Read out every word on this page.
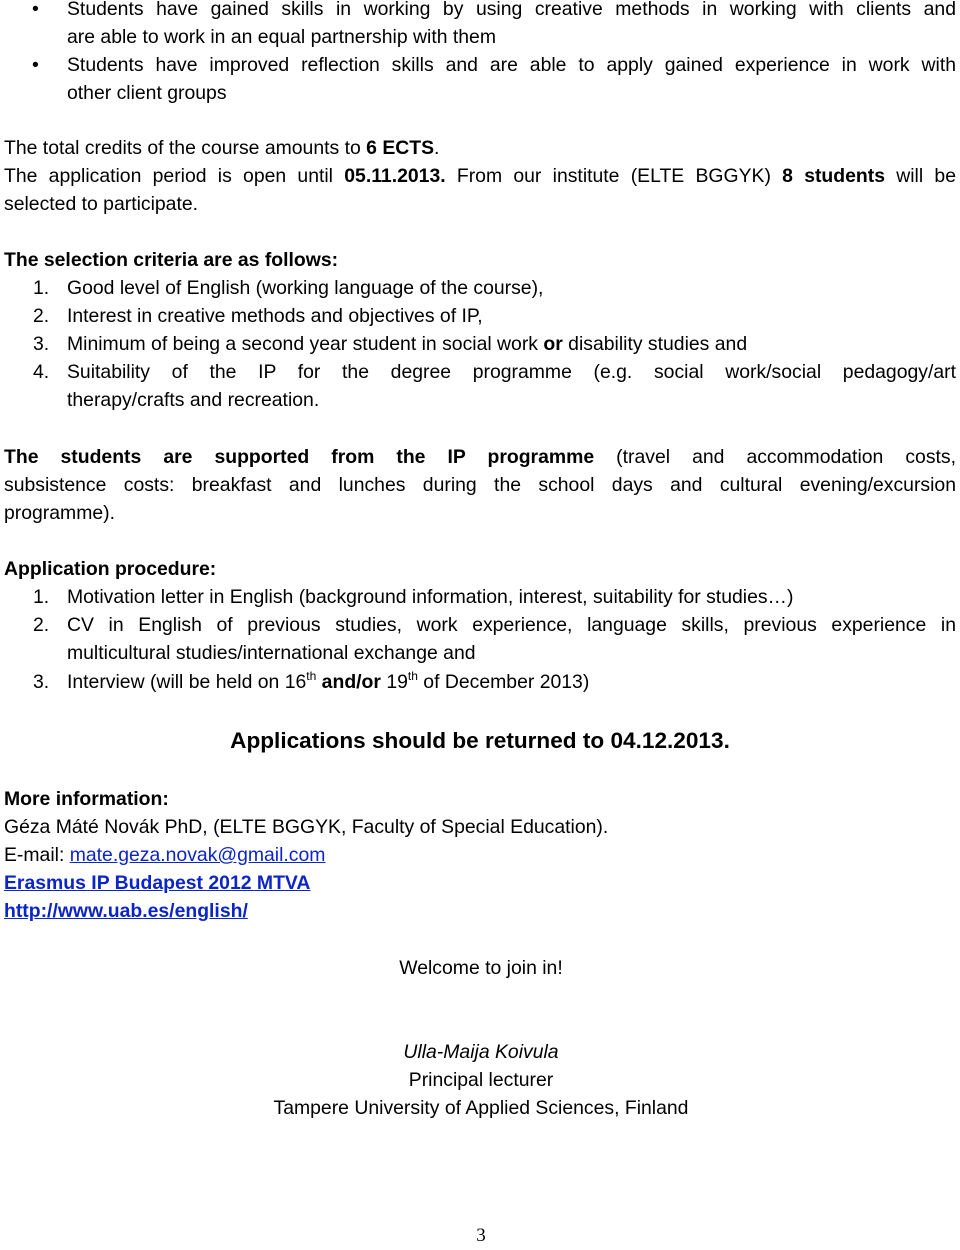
•	Students have gained skills in working by using creative methods in working with clients and
are able to work in an equal partnership with them
•	Students have improved reflection skills and are able to apply gained experience in work with
other client groups
The total credits of the course amounts to 6 ECTS.
The application period is open until 05.11.2013. From our institute (ELTE BGGYK) 8 students will be
selected to participate.
The selection criteria are as follows:
1. Good level of English (working language of the course),
2. Interest in creative methods and objectives of IP,
3. Minimum of being a second year student in social work or disability studies and
4. Suitability of the IP for the degree programme (e.g. social work/social pedagogy/art
therapy/crafts and recreation.
The students are supported from the IP programme (travel and accommodation costs,
subsistence costs: breakfast and lunches during the school days and cultural evening/excursion
programme).
Application procedure:
1. Motivation letter in English (background information, interest, suitability for studies…)
2. CV in English of previous studies, work experience, language skills, previous experience in
multicultural studies/international exchange and
3. Interview (will be held on 16th and/or 19th of December 2013)
Applications should be returned to 04.12.2013.
More information:
Géza Máté Novák PhD, (ELTE BGGYK, Faculty of Special Education).
E-mail: mate.geza.novak@gmail.com
Erasmus IP Budapest 2012 MTVA
http://www.uab.es/english/
Welcome to join in!
Ulla-Maija Koivula
Principal lecturer
Tampere University of Applied Sciences, Finland
3
